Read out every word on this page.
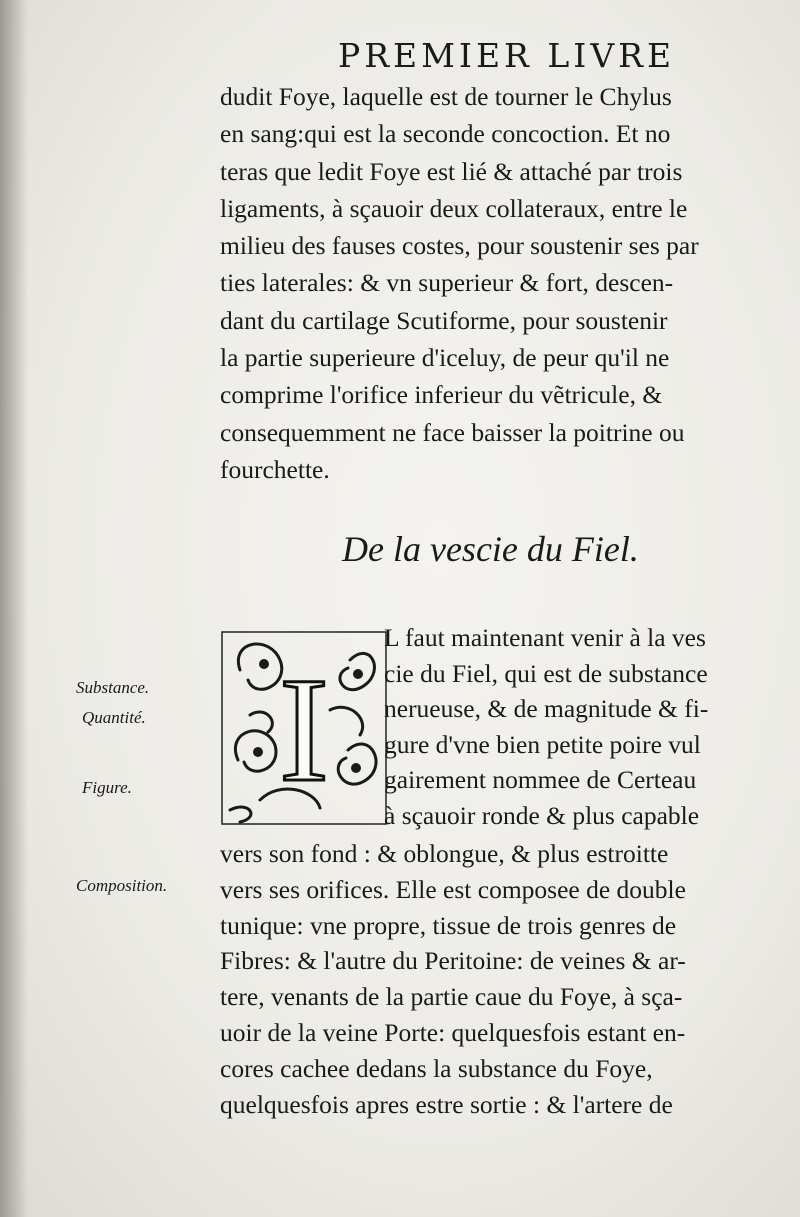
PREMIER LIVRE
dudit Foye, laquelle est de tourner le Chylus
en sang:qui est la seconde concoction. Et no
teras que ledit Foye est lié & attaché par trois
ligaments, à sçauoir deux collateraux, entre le
milieu des fauses costes, pour soustenir ses par
ties laterales: & vn superieur & fort, descen-
dant du cartilage Scutiforme, pour soustenir
la partie superieure d'iceluy, de peur qu'il ne
comprime l'orifice inferieur du vẽtricule, &
consequemment ne face baisser la poitrine ou
fourchette.
De la vescie du Fiel.
I
L faut maintenant venir à la ves
cie du Fiel, qui est de substance
nerueuse, & de magnitude & fi-
gure d'vne bien petite poire vul
gairement nommee de Certeau
à sçauoir ronde & plus capable
vers son fond : & oblongue, & plus estroitte
vers ses orifices. Elle est composee de double
tunique: vne propre, tissue de trois genres de
Fibres: & l'autre du Peritoine: de veines & ar-
tere, venants de la partie caue du Foye, à sça-
uoir de la veine Porte: quelquesfois estant en-
cores cachee dedans la substance du Foye,
quelquesfois apres estre sortie : & l'artere de
Substance.
Quantité.
Figure.
Composition.
